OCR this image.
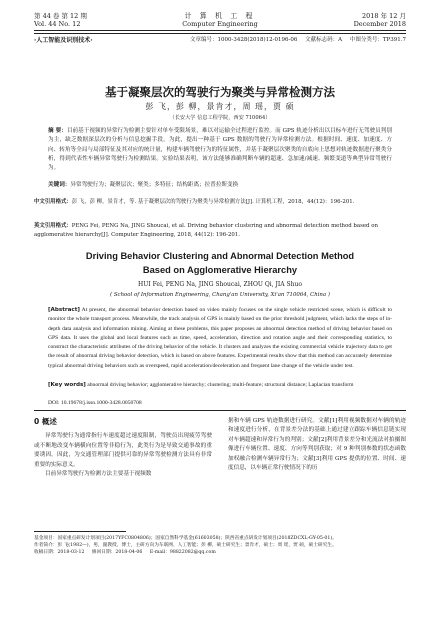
第 44 卷 第 12 期
Vol. 44 No. 12
计 算 机 工 程
Computer Engineering
2018 年 12 月
December 2018
·人工智能及识别技术·	文章编号：1000-3428(2018)12-0196-06 文献标志码：A 中图分类号：TP391.7
基于凝聚层次的驾驶行为聚类与异常检测方法
彭 飞，彭 柳，景肯才，周 瑶，贾 硕
（长安大学 信息工程学院，西安 710064）
摘 要：目前基于视频的异常行为检测主要针对单车受限场景，难以对运输全过程进行监控。而 GPS 轨迹分析出以目标车进行无驾驶员判别为主，缺乏数据深层次的分析与信息挖掘手段。为此，提出一种基于 GPS 数据的驾驶行为异常检测方法。根据时间、速度、加速度、方向、转角等全局与局部特征及其对应的统计量，构建车辆驾驶行为的特征属性，并基于凝聚层次聚类的自底向上思想对轨迹数据进行聚类分析，得到代表性车辆异常驾驶行为检测结果。实验结果表明，该方法能够准确判断车辆的超速、急加速/减速、频繁变道等典型异常驾驶行为。
关键词：异常驾驶行为；凝聚层次；聚类；多特征；结构距离；拉普拉斯变换
中文引用格式：彭 飞，彭 柳，景肯才，等. 基于凝聚层次的驾驶行为聚类与异常检测方法[J]. 计算机工程，2018，44(12)：196-201.
英文引用格式：PENG Fei, PENG Na, JING Shoucai, et al. Driving behavior clustering and abnormal detection method based on agglomerative hierarchy[J]. Computer Engineering, 2018, 44(12): 196-201.
Driving Behavior Clustering and Abnormal Detection Method
Based on Agglomerative Hierarchy
HUI Fei, PENG Na, JING Shoucai, ZHOU Qi, JIA Shuo
( School of Information Engineering, Chang'an University, Xi'an 710064, China )
[Abstract] At present, the abnormal behavior detection based on video mainly focuses on the single vehicle restricted scene, which is difficult to monitor the whole transport process. Meanwhile, the track analysis of GPS is mainly based on the prior threshold judgment, which lacks the steps of in-depth data analysis and information mining. Aiming at these problems, this paper proposes an abnormal detection method of driving behavior based on GPS data. It uses the global and local features such as time, speed, acceleration, direction and rotation angle and their corresponding statistics, to construct the characteristic attributes of the driving behavior of the vehicle. It clusters and analyzes the existing commercial vehicle trajectory data to get the result of abnormal driving behavior detection, which is based on above features. Experimental results show that this method can accurately determine typical abnormal driving behaviors such as overspeed, rapid acceleration/deceleration and frequent lane change of the vehicle under test.
[Key words] abnormal driving behavior; agglomerative hierarchy; clustering; multi-feature; structural distance; Laplacian transform
DOI: 10.19678/j.issn.1000-3428.0050708
0 概述
异常驾驶行为通常指行车速度超过速度限制，驾驶员出现疲劳驾驶或不断地改变车辆横向位置等非稳行为，此类行为是导致交通事故的重要诱因。因此，为交通管理部门提供可靠的异常驾驶检测方法具有非常重要的实际意义。
目前异常驾驶行为检测方法主要基于视频数
据和车辆 GPS 轨迹数据进行研究。文献[1]利用视频数据对车辆的轨迹和速度进行分析，在背景差分法的基础上通过建立跟踪车辆信息链实现对车辆超速和异常行为的判别；文献[2]利用背景差分和光流法对拍摄图像进行车辆位置、速度、方向等判别获取；对 9 种判别参数的状态函数加权融合检测车辆异常行为；文献[3]利用 GPS 提供的位置、时间、速度信息，以车辆正常行驶情况下的历

基金项目：国家重点研发计划项目(2017YFC0804806)；国家自然科学基金(61603058)；陕西省重点研发计划项目(2018ZDCXL-GY-05-01)。

作者简介：彭 飞(1982—)，男，副教授、博士，主研方向为车联网、人工智能；彭 柳，硕士研究生；景肯才，硕士；周 瑶，贾 硕，硕士研究生。

收稿日期：2018-03-12 修回日期：2018-04-06 E-mail：98822082@qq.com
